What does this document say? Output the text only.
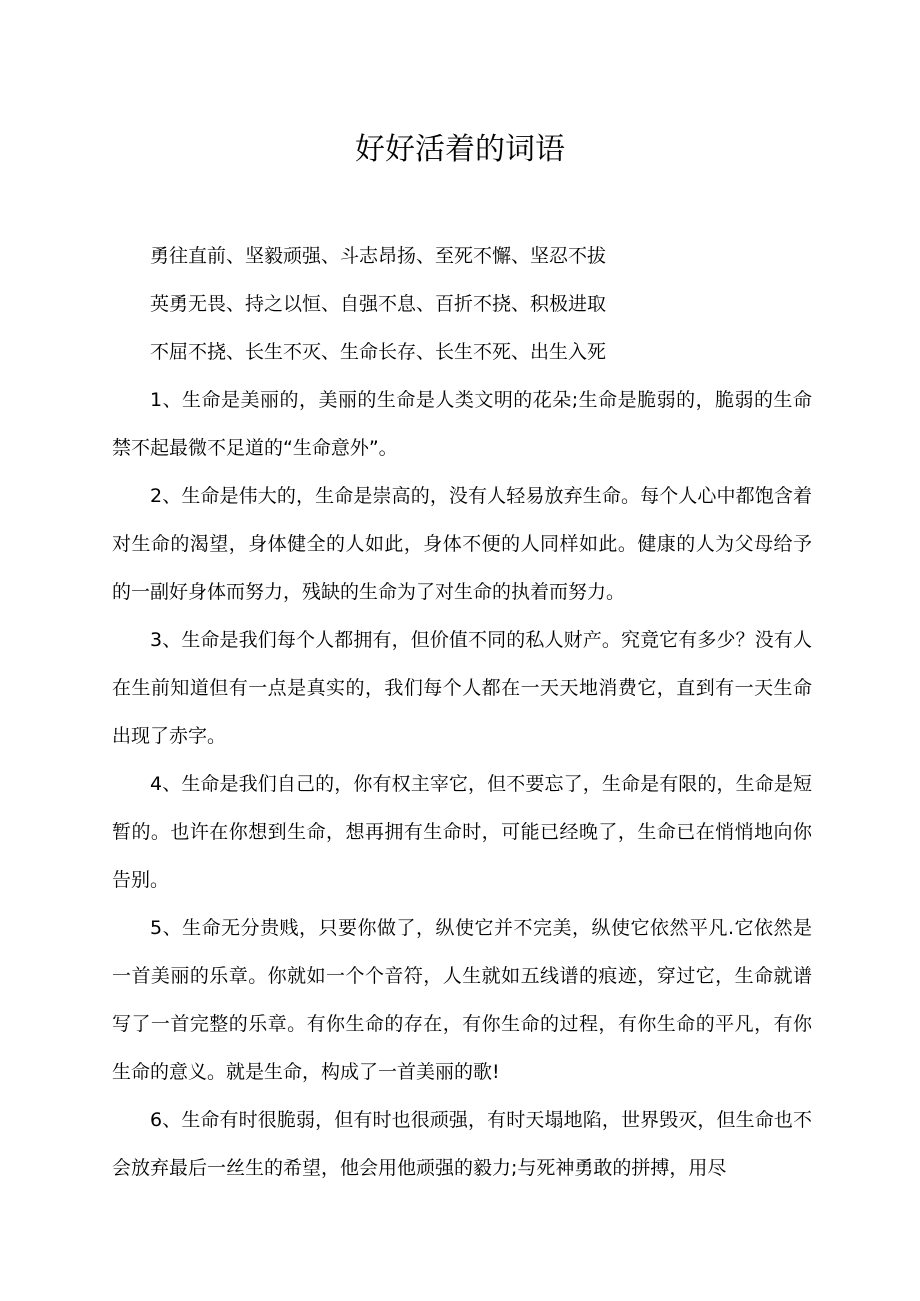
好好活着的词语

勇往直前、坚毅顽强、斗志昂扬、至死不懈、坚忍不拔

英勇无畏、持之以恒、自强不息、百折不挠、积极进取

不屈不挠、长生不灭、生命长存、长生不死、出生入死

1、生命是美丽的，美丽的生命是人类文明的花朵;生命是脆弱的，脆弱的生命禁不起最微不足道的“生命意外”。

2、生命是伟大的，生命是崇高的，没有人轻易放弃生命。每个人心中都饱含着对生命的渴望，身体健全的人如此，身体不便的人同样如此。健康的人为父母给予的一副好身体而努力，残缺的生命为了对生命的执着而努力。

3、生命是我们每个人都拥有，但价值不同的私人财产。究竟它有多少？没有人在生前知道但有一点是真实的，我们每个人都在一天天地消费它，直到有一天生命出现了赤字。

4、生命是我们自己的，你有权主宰它，但不要忘了，生命是有限的，生命是短暂的。也许在你想到生命，想再拥有生命时，可能已经晚了，生命已在悄悄地向你告别。

5、生命无分贵贱，只要你做了，纵使它并不完美，纵使它依然平凡.它依然是一首美丽的乐章。你就如一个个音符，人生就如五线谱的痕迹，穿过它，生命就谱写了一首完整的乐章。有你生命的存在，有你生命的过程，有你生命的平凡，有你生命的意义。就是生命，构成了一首美丽的歌!

6、生命有时很脆弱，但有时也很顽强，有时天塌地陷，世界毁灭，但生命也不会放弃最后一丝生的希望，他会用他顽强的毅力;与死神勇敢的拼搏，用尽
